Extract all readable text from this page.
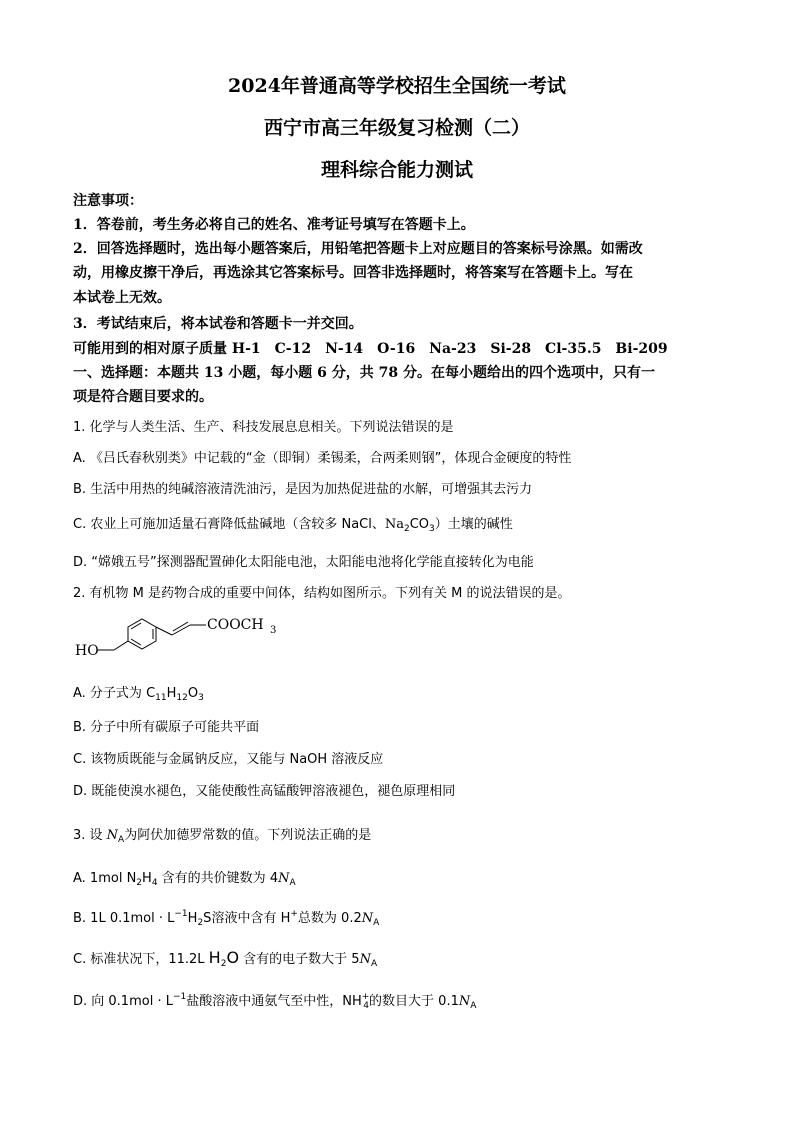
2024年普通高等学校招生全国统一考试
西宁市高三年级复习检测（二）
理科综合能力测试
注意事项：
1．答卷前，考生务必将自己的姓名、准考证号填写在答题卡上。
2．回答选择题时，选出每小题答案后，用铅笔把答题卡上对应题目的答案标号涂黑。如需改
动，用橡皮擦干净后，再选涂其它答案标号。回答非选择题时，将答案写在答题卡上。写在
本试卷上无效。
3．考试结束后，将本试卷和答题卡一并交回。
可能用到的相对原子质量 H-1　C-12　N-14　O-16　Na-23　Si-28　Cl-35.5　Bi-209
一、选择题：本题共 13 小题，每小题 6 分，共 78 分。在每小题给出的四个选项中，只有一
项是符合题目要求的。
1. 化学与人类生活、生产、科技发展息息相关。下列说法错误的是
A. 《吕氏春秋别类》中记载的“金（即铜）柔锡柔，合两柔则钢”，体现合金硬度的特性
B. 生活中用热的纯碱溶液清洗油污，是因为加热促进盐的水解，可增强其去污力
C. 农业上可施加适量石膏降低盐碱地（含较多 NaCl、$Na_2CO_3$）土壤的碱性
D. “嫦娥五号”探测器配置砷化太阳能电池，太阳能电池将化学能直接转化为电能
2. 有机物 M 是药物合成的重要中间体，结构如图所示。下列有关 M 的说法错误的是。
COOCH 3
HO
A. 分子式为 $C_{11}H_{12}O_3$
B. 分子中所有碳原子可能共平面
C. 该物质既能与金属钠反应，又能与 NaOH 溶液反应
D. 既能使溴水褪色，又能使酸性高锰酸钾溶液褪色，褪色原理相同
3. 设 $N_A$为阿伏加德罗常数的值。下列说法正确的是
A. 1mol $N_2H_4$ 含有的共价键数为 $4N_A$
B. 1L $0.1mol \cdot L^{-1}H_2S$溶液中含有 H+总数为 $0.2N_A$
C. 标准状况下，11.2L $H_2O$ 含有的电子数大于 $5N_A$
D. 向 $0.1mol \cdot L^{-1}$盐酸溶液中通氨气至中性，$NH^+_4$的数目大于 $0.1N_A$
